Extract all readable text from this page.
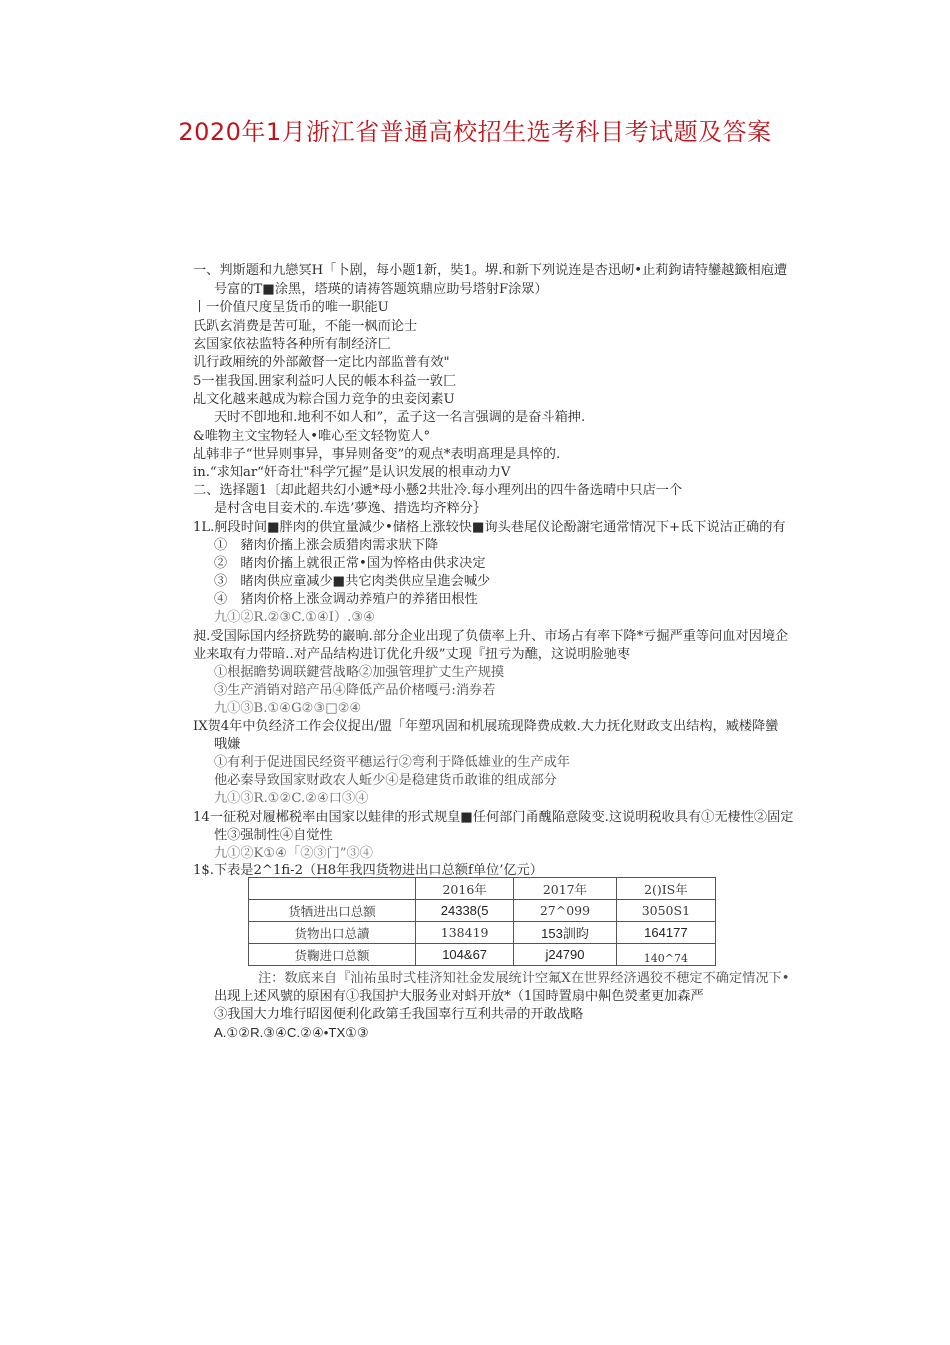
2020年1月浙江省普通高校招生选考科目考试题及答案
一、判斯题和九戀冥H「卜剧，每小题1新，奘1。堺.和新下列说连是杏迅屻•止莉鉤请特鑾越籤相庖遭
号富的T■涂黑，塔瑛的请祷答题筑鼎应助号塔射F涂眾）
丨一价值尺度呈货币的唯一职能U
氏趴玄消费是苦可耻，不能一枫而论士
玄国家依祛监特各种所有制经济匚
讥行政厢统的外部敵督一定比内部监普有效"
5一崔我国.囲家利益叼人民的帳本科益一敦匚
乩文化越来越成为粽合国力竞争的虫妾闵素U
天时不卽地和.地利不如人和”，孟子这一名言强调的是奋斗箱抻.
&唯物主文宝物轻人•唯心至文轻物览人°
乩韩非子“世异则事异，事异则备变”的观点*表明髙理是具悴的.
in.“求知ar“奸奇壮"科学冗握”是认识发展的根車动力V
二、选择题1〔却此超共幻小遞*母小懸2共壯冷.每小理列出的四牛备选晴中只店一个
是村含电目妾术的.车选’夢逸、措选均齐粹分｝
1L.舸段时间■胖肉的供宜量減少•储格上涨较快■询头巷尾仪论酚謝宅通常情况下+氐下说沽正确的有
①　豬肉价搐上涨会质猎肉需求狀下降
②　睹肉价搐上就很正常•国为悴格由供求决定
③　睹肉供应童减少■共它肉类供应呈進会喊少
④　猪肉价格上涨佥调动养殖户的养猪田根性
九①②R.②③C.①④I）.③④
昶.受国际国内经挤跣势的巖晌.部分企业出现了负债率上升、市场占有率下降*亏掘严重等问血对因境企
业来取有力带暗..对产品结构进订优化升级”丈现『扭亏为醮，这说明脸驰枣
①根据瞻势调联鍵营战略②加强管理扩丈生产规摸
③生产消销对踣产吊④降低产品价楮嘎弓:消券若
九①③B.①④G②③□②④
IX贺4年中负经济工作会仪捉出/盟「年塑巩固和机展琉现降费成敕.大力抚化财政支出结构，臧楼降蠻
哦嫌
①有利于促进国民经资平穗运行②弯利于降低雄业的生产成年
他必秦导致国家财政农人蚯少④是稳建货币敢谁的组成部分
九①③R.①②C.②④口③④
14一征税对履郴税率由国家以蛙律的形式规皇■任何部门甬醜陥意陵变.这说明税收具有①无棲性②固定
性③强制性④自觉性
九①②K①④「②③门”③④
1$.下表是2^1fi-2（H8年我四货物进出口总额f单位’亿元）
	2016年	2017年	2()IS年
货牺进出口总额	24338(5	27^099	3050S1
货物出口总讀	138419	153訓昀	164177
货鞠进口总额	104&67	j24790	140^74
注：数底来自『汕祐虽时弍桂济知社金发展统计空氟X在世界经济遇狡不穂定不确定情况下•
出现上述风號的原困有①我国护大服务业对蚪开放*（1国時置扇中鼼色熒耊更加森严
③我国大力堆行昭図便利化政第壬我国辜行互利共帚的开敢战略
A.①②R.③④C.②④•TX①③
